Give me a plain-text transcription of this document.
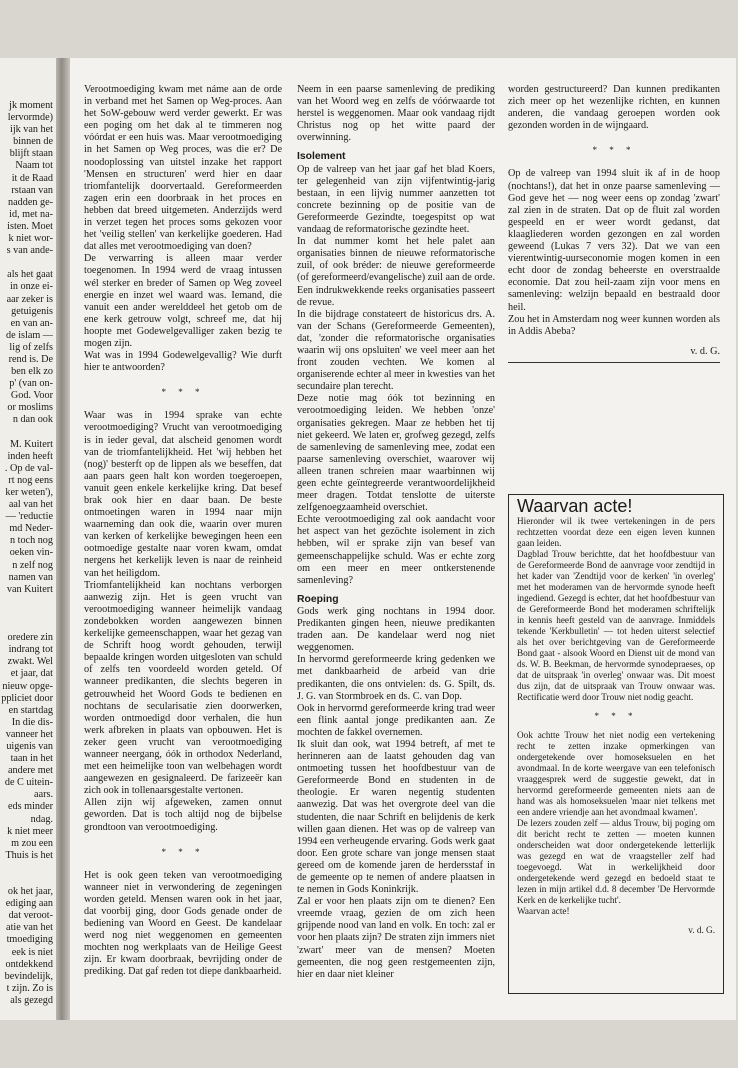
jk moment
lervormde)
ijk van het
binnen de
blijft staan
Naam tot
it de Raad
rstaan van
nadden ge-
id, met na-
isten. Moet
k niet wor-
s van ande-

als het gaat
in onze ei-
aar zeker is
getuigenis
en van an-
de islam —
lig of zelfs
rend is. De
ben elk zo
p' (van on-
God. Voor
or moslims
n dan ook

M. Kuitert
inden heeft
. Op de val-
rt nog eens
ker weten'),
aal van het
— 'reductie
md Neder-
n toch nog
oeken vin-
n zelf nog
namen van
van Kuitert

oredere zin
indrang tot
zwakt. Wel
et jaar, dat
nieuw opge-
ppliciet door
en startdag
In die dis-
vanneer het
uigenis van
taan in het
andere met
de C uitein-
aars.
eds minder
ndag.
k niet meer
m zou een
Thuis is het

ok het jaar,
ediging aan
dat veroot-
atie van het
tmoediging
eek is niet
ontdekkend
bevindelijk,
t zijn. Zo is
als gezegd

Verootmoediging kwam met náme aan de orde in verband met het Samen op Weg-proces. Aan het SoW-gebouw werd verder gewerkt. Er was een poging om het dak al te timmeren nog vóórdat er een huis was. Maar verootmoediging in het Samen op Weg proces, was die er? De noodoplossing van uitstel inzake het rapport 'Mensen en structuren' werd hier en daar triomfantelijk doorvertaald. Gereformeerden zagen erin een doorbraak in het proces en hebben dat breed uitgemeten. Anderzijds werd in verzet tegen het proces soms gekozen voor het 'veilig stellen' van kerkelijke goederen. Had dat alles met verootmoediging van doen?

De verwarring is alleen maar verder toegenomen. In 1994 werd de vraag intussen wél sterker en breder of Samen op Weg zoveel energie en inzet wel waard was. Iemand, die vanuit een ander werelddeel het getob om de ene kerk getrouw volgt, schreef me, dat hij hoopte met Godewelgevalliger zaken bezig te mogen zijn.

Wat was in 1994 Godewelgevallig? Wie durft hier te antwoorden?

* * *

Waar was in 1994 sprake van echte verootmoediging? Vrucht van verootmoediging is in ieder geval, dat alscheid genomen wordt van de triomfantelijkheid. Het 'wij hebben het (nog)' besterft op de lippen als we beseffen, dat aan paars geen halt kon worden toegeroepen, vanuit geen enkele kerkelijke kring. Dat besef brak ook hier en daar baan. De beste ontmoetingen waren in 1994 naar mijn waarneming dan ook die, waarin over muren van kerken of kerkelijke bewegingen heen een ootmoedige gestalte naar voren kwam, omdat nergens het kerkelijk leven is naar de reinheid van het heiligdom.

Triomfantelijkheid kan nochtans verborgen aanwezig zijn. Het is geen vrucht van verootmoediging wanneer heimelijk vandaag zondebokken worden aangewezen binnen kerkelijke gemeenschappen, waar het gezag van de Schrift hoog wordt gehouden, terwijl bepaalde kringen worden uitgesloten van schuld of zelfs ten voordeeld worden geteld. Of wanneer predikanten, die slechts begeren in getrouwheid het Woord Gods te bedienen en nochtans de secularisatie zien doorwerken, worden ontmoedigd door verhalen, die hun werk afbreken in plaats van opbouwen. Het is zeker geen vrucht van verootmoediging wanneer neergang, óók in orthodox Nederland, met een heimelijke toon van welbehagen wordt aangewezen en gesignaleerd. De farizeeër kan zich ook in tollenaarsgestalte vertonen.

Allen zijn wij afgeweken, zamen onnut geworden. Dat is toch altijd nog de bijbelse grondtoon van verootmoediging.

* * *

Het is ook geen teken van verootmoediging wanneer niet in verwondering de zegeningen worden geteld. Mensen waren ook in het jaar, dat voorbij ging, door Gods genade onder de bediening van Woord en Geest. De kandelaar werd nog niet weggenomen en gemeenten mochten nog werkplaats van de Heilige Geest zijn. Er kwam doorbraak, bevrijding onder de prediking. Dat gaf reden tot diepe dankbaarheid.

Neem in een paarse samenleving de prediking van het Woord weg en zelfs de vóórwaarde tot herstel is weggenomen. Maar ook vandaag rijdt Christus nog op het witte paard der overwinning.

Isolement

Op de valreep van het jaar gaf het blad Koers, ter gelegenheid van zijn vijfentwintig-jarig bestaan, in een lijvig nummer aanzetten tot concrete bezinning op de positie van de Gereformeerde Gezindte, toegespitst op wat vandaag de reformatorische gezindte heet.

In dat nummer komt het hele palet aan organisaties binnen de nieuwe reformatorische zuil, of ook bréder: de nieuwe gereformeerde (of gereformeerd/evangelische) zuil aan de orde. Een indrukwekkende reeks organisaties passeert de revue.

In die bijdrage constateert de historicus drs. A. van der Schans (Gereformeerde Gemeenten), dat, 'zonder die reformatorische organisaties waarin wij ons opsluiten' we veel meer aan het front zouden vechten. We komen al organiserende echter al meer in kwesties van het secundaire plan terecht.

Deze notie mag óók tot bezinning en verootmoediging leiden. We hebben 'onze' organisaties gekregen. Maar ze hebben het tij niet gekeerd. We laten er, grofweg gezegd, zelfs de samenleving de samenleving mee, zodat een paarse samenleving overschiet, waarover wij alleen tranen schreien maar waarbinnen wij geen echte geïntegreerde verantwoordelijkheid meer dragen. Totdat tenslotte de uiterste zelfgenoegzaamheid overschiet.

Echte verootmoediging zal ook aandacht voor het aspect van het gezöchte isolement in zich hebben, wil er sprake zijn van besef van gemeenschappelijke schuld. Was er echte zorg om een meer en meer ontkerstenende samenleving?

Roeping

Gods werk ging nochtans in 1994 door. Predikanten gingen heen, nieuwe predikanten traden aan. De kandelaar werd nog niet weggenomen.

In hervormd gereformeerde kring gedenken we met dankbaarheid de arbeid van drie predikanten, die ons ontvielen: ds. G. Spilt, ds. J. G. van Stormbroek en ds. C. van Dop.

Ook in hervormd gereformeerde kring trad weer een flink aantal jonge predikanten aan. Ze mochten de fakkel overnemen.

Ik sluit dan ook, wat 1994 betreft, af met te herinneren aan de laatst gehouden dag van ontmoeting tussen het hoofdbestuur van de Gereformeerde Bond en studenten in de theologie. Er waren negentig studenten aanwezig. Dat was het overgrote deel van die studenten, die naar Schrift en belijdenis de kerk willen gaan dienen. Het was op de valreep van 1994 een verheugende ervaring. Gods werk gaat door. Een grote schare van jonge mensen staat gereed om de komende jaren de herdersstaf in de gemeente op te nemen of andere plaatsen in te nemen in Gods Koninkrijk.

Zal er voor hen plaats zijn om te dienen? Een vreemde vraag, gezien de om zich heen grijpende nood van land en volk. En toch: zal er voor hen plaats zijn? De straten zijn immers niet 'zwart' meer van de mensen? Moeten gemeenten, die nog geen restgemeenten zijn, hier en daar niet kleiner

worden gestructureerd? Dan kunnen predikanten zich meer op het wezenlijke richten, en kunnen anderen, die vandaag geroepen worden ook gezonden worden in de wijngaard.

* * *

Op de valreep van 1994 sluit ik af in de hoop (nochtans!), dat het in onze paarse samenleving — God geve het — nog weer eens op zondag 'zwart' zal zien in de straten. Dat op de fluit zal worden gespeeld en er weer wordt gedanst, dat klaagliederen worden gezongen en zal worden geweend (Lukas 7 vers 32). Dat we van een vierentwintig-uurseconomie mogen komen in een echt door de zondag beheerste en overstraalde economie. Dat zou heil-zaam zijn voor mens en samenleving: welzijn bepaald en bestraald door heil.

Zou het in Amsterdam nog weer kunnen worden als in Addis Abeba?

v. d. G.
Waarvan acte!

Hieronder wil ik twee vertekeningen in de pers rechtzetten voordat deze een eigen leven kunnen gaan leiden.

Dagblad Trouw berichtte, dat het hoofdbestuur van de Gereformeerde Bond de aanvrage voor zendtijd in het kader van 'Zendtijd voor de kerken' 'in overleg' met het moderamen van de hervormde synode heeft ingediend. Gezegd is echter, dat het hoofdbestuur van de Gereformeerde Bond het moderamen schriftelijk in kennis heeft gesteld van de aanvrage. Inmiddels tekende 'Kerkbulletin' — tot heden uiterst selectief als het over berichtgeving van de Gereformeerde Bond gaat - alsook Woord en Dienst uit de mond van ds. W. B. Beekman, de hervormde synodepraeses, op dat de uitspraak 'in overleg' onwaar was. Dit moest dus zijn, dat de uitspraak van Trouw onwaar was. Rectificatie werd door Trouw niet nodig geacht.

* * *

Ook achtte Trouw het niet nodig een vertekening recht te zetten inzake opmerkingen van ondergetekende over homoseksuelen en het avondmaal. In de korte weergave van een telefonisch vraaggesprek werd de suggestie gewekt, dat in hervormd gereformeerde gemeenten niets aan de hand was als homoseksuelen 'maar niet telkens met een andere vriendje aan het avondmaal kwamen'.

De lezers zouden zelf — aldus Trouw, bij poging om dit bericht recht te zetten — moeten kunnen onderscheiden wat door ondergetekende letterlijk was gezegd en wat de vraagsteller zelf had toegevoegd. Wat in werkelijkheid door ondergetekende werd gezegd en bedoeld staat te lezen in mijn artikel d.d. 8 december 'De Hervormde Kerk en de kerkelijke tucht'.

Waarvan acte!

v. d. G.
